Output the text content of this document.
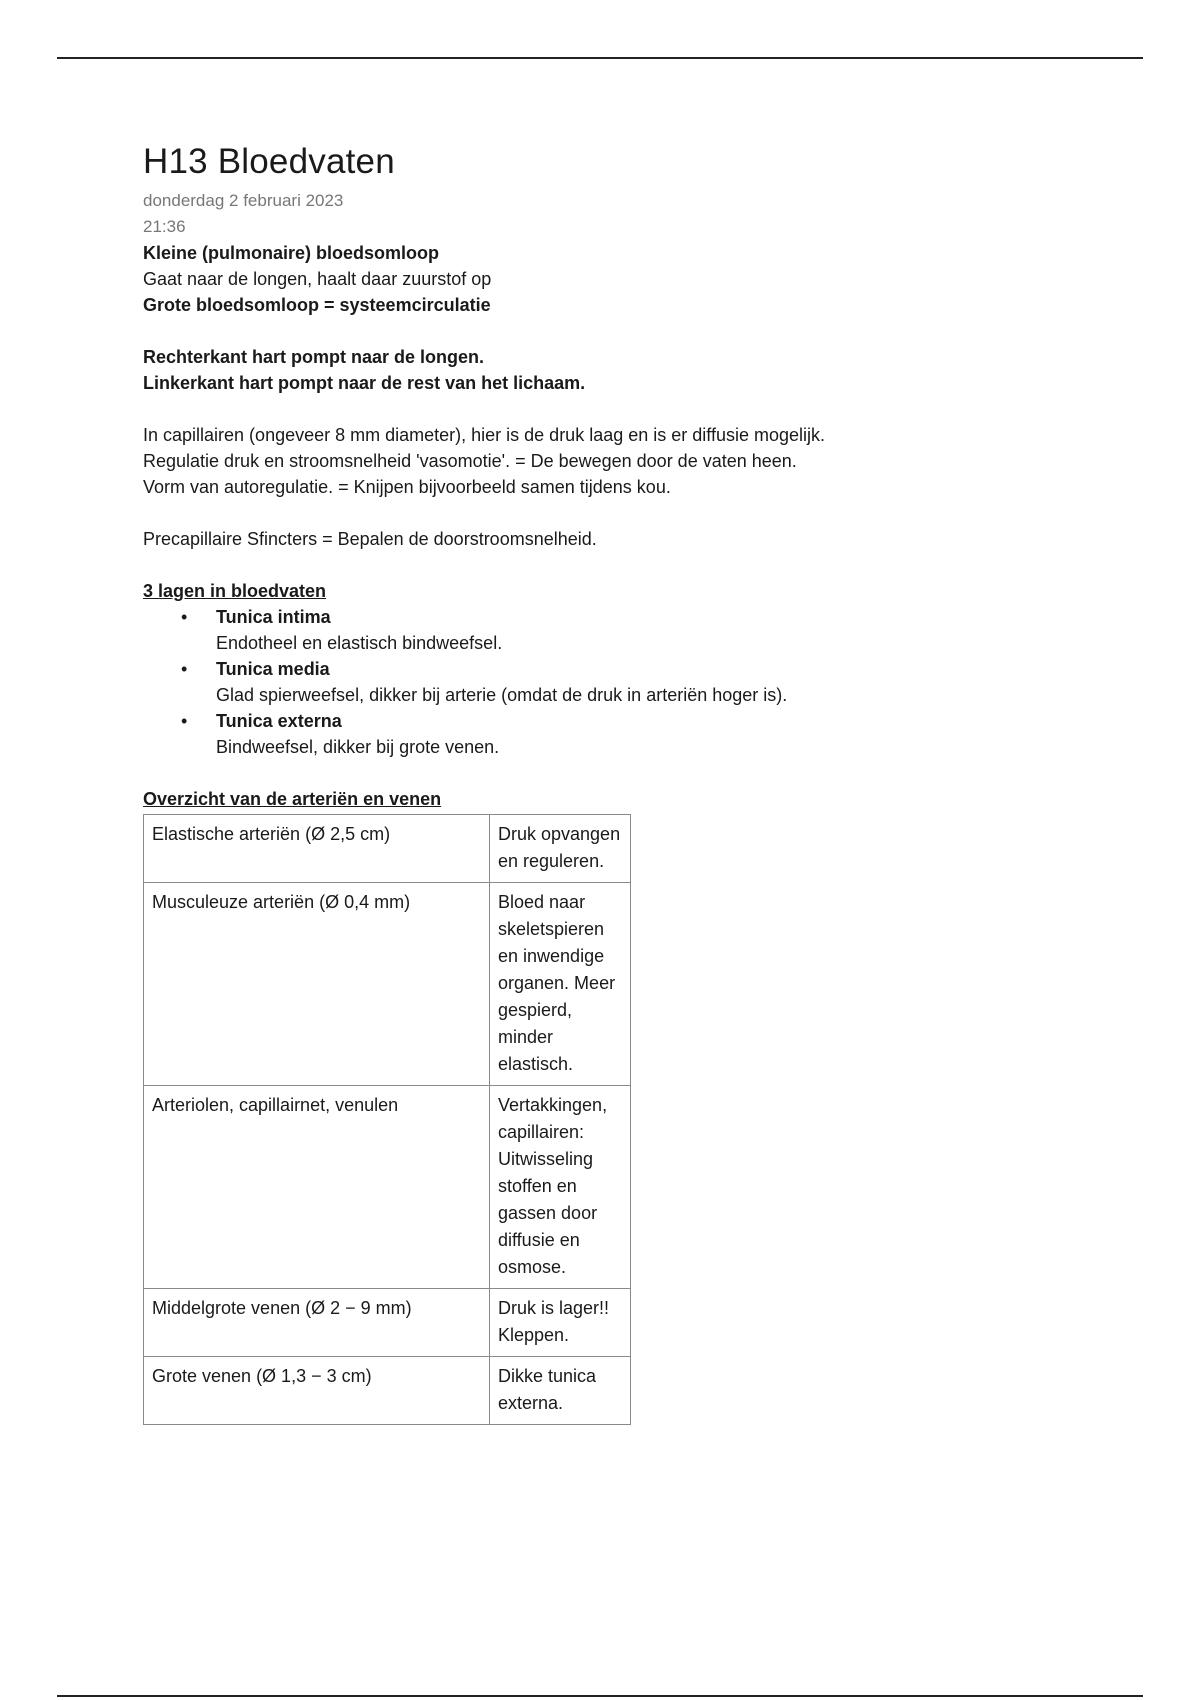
H13 Bloedvaten
donderdag 2 februari 2023
21:36
Kleine (pulmonaire) bloedsomloop
Gaat naar de longen, haalt daar zuurstof op
Grote bloedsomloop = systeemcirculatie
Rechterkant hart pompt naar de longen.
Linkerkant hart pompt naar de rest van het lichaam.
In capillairen (ongeveer 8 mm diameter), hier is de druk laag en is er diffusie mogelijk.
Regulatie druk en stroomsnelheid 'vasomotie'. = De bewegen door de vaten heen.
Vorm van autoregulatie. = Knijpen bijvoorbeeld samen tijdens kou.
Precapillaire Sfincters = Bepalen de doorstroomsnelheid.
3 lagen in bloedvaten
• Tunica intima
Endotheel en elastisch bindweefsel.
• Tunica media
Glad spierweefsel, dikker bij arterie (omdat de druk in arteriën hoger is).
• Tunica externa
Bindweefsel, dikker bij grote venen.
Overzicht van de arteriën en venen
Elastische arteriën (Ø 2,5 cm)	Druk opvangen en reguleren.
Musculeuze arteriën (Ø 0,4 mm)	Bloed naar skeletspieren en inwendige organen. Meer gespierd, minder elastisch.
Arteriolen, capillairnet, venulen	Vertakkingen, capillairen: Uitwisseling stoffen en gassen door diffusie en osmose.
Middelgrote venen (Ø 2 − 9 mm)	Druk is lager!! Kleppen.
Grote venen (Ø 1,3 − 3 cm)	Dikke tunica externa.
